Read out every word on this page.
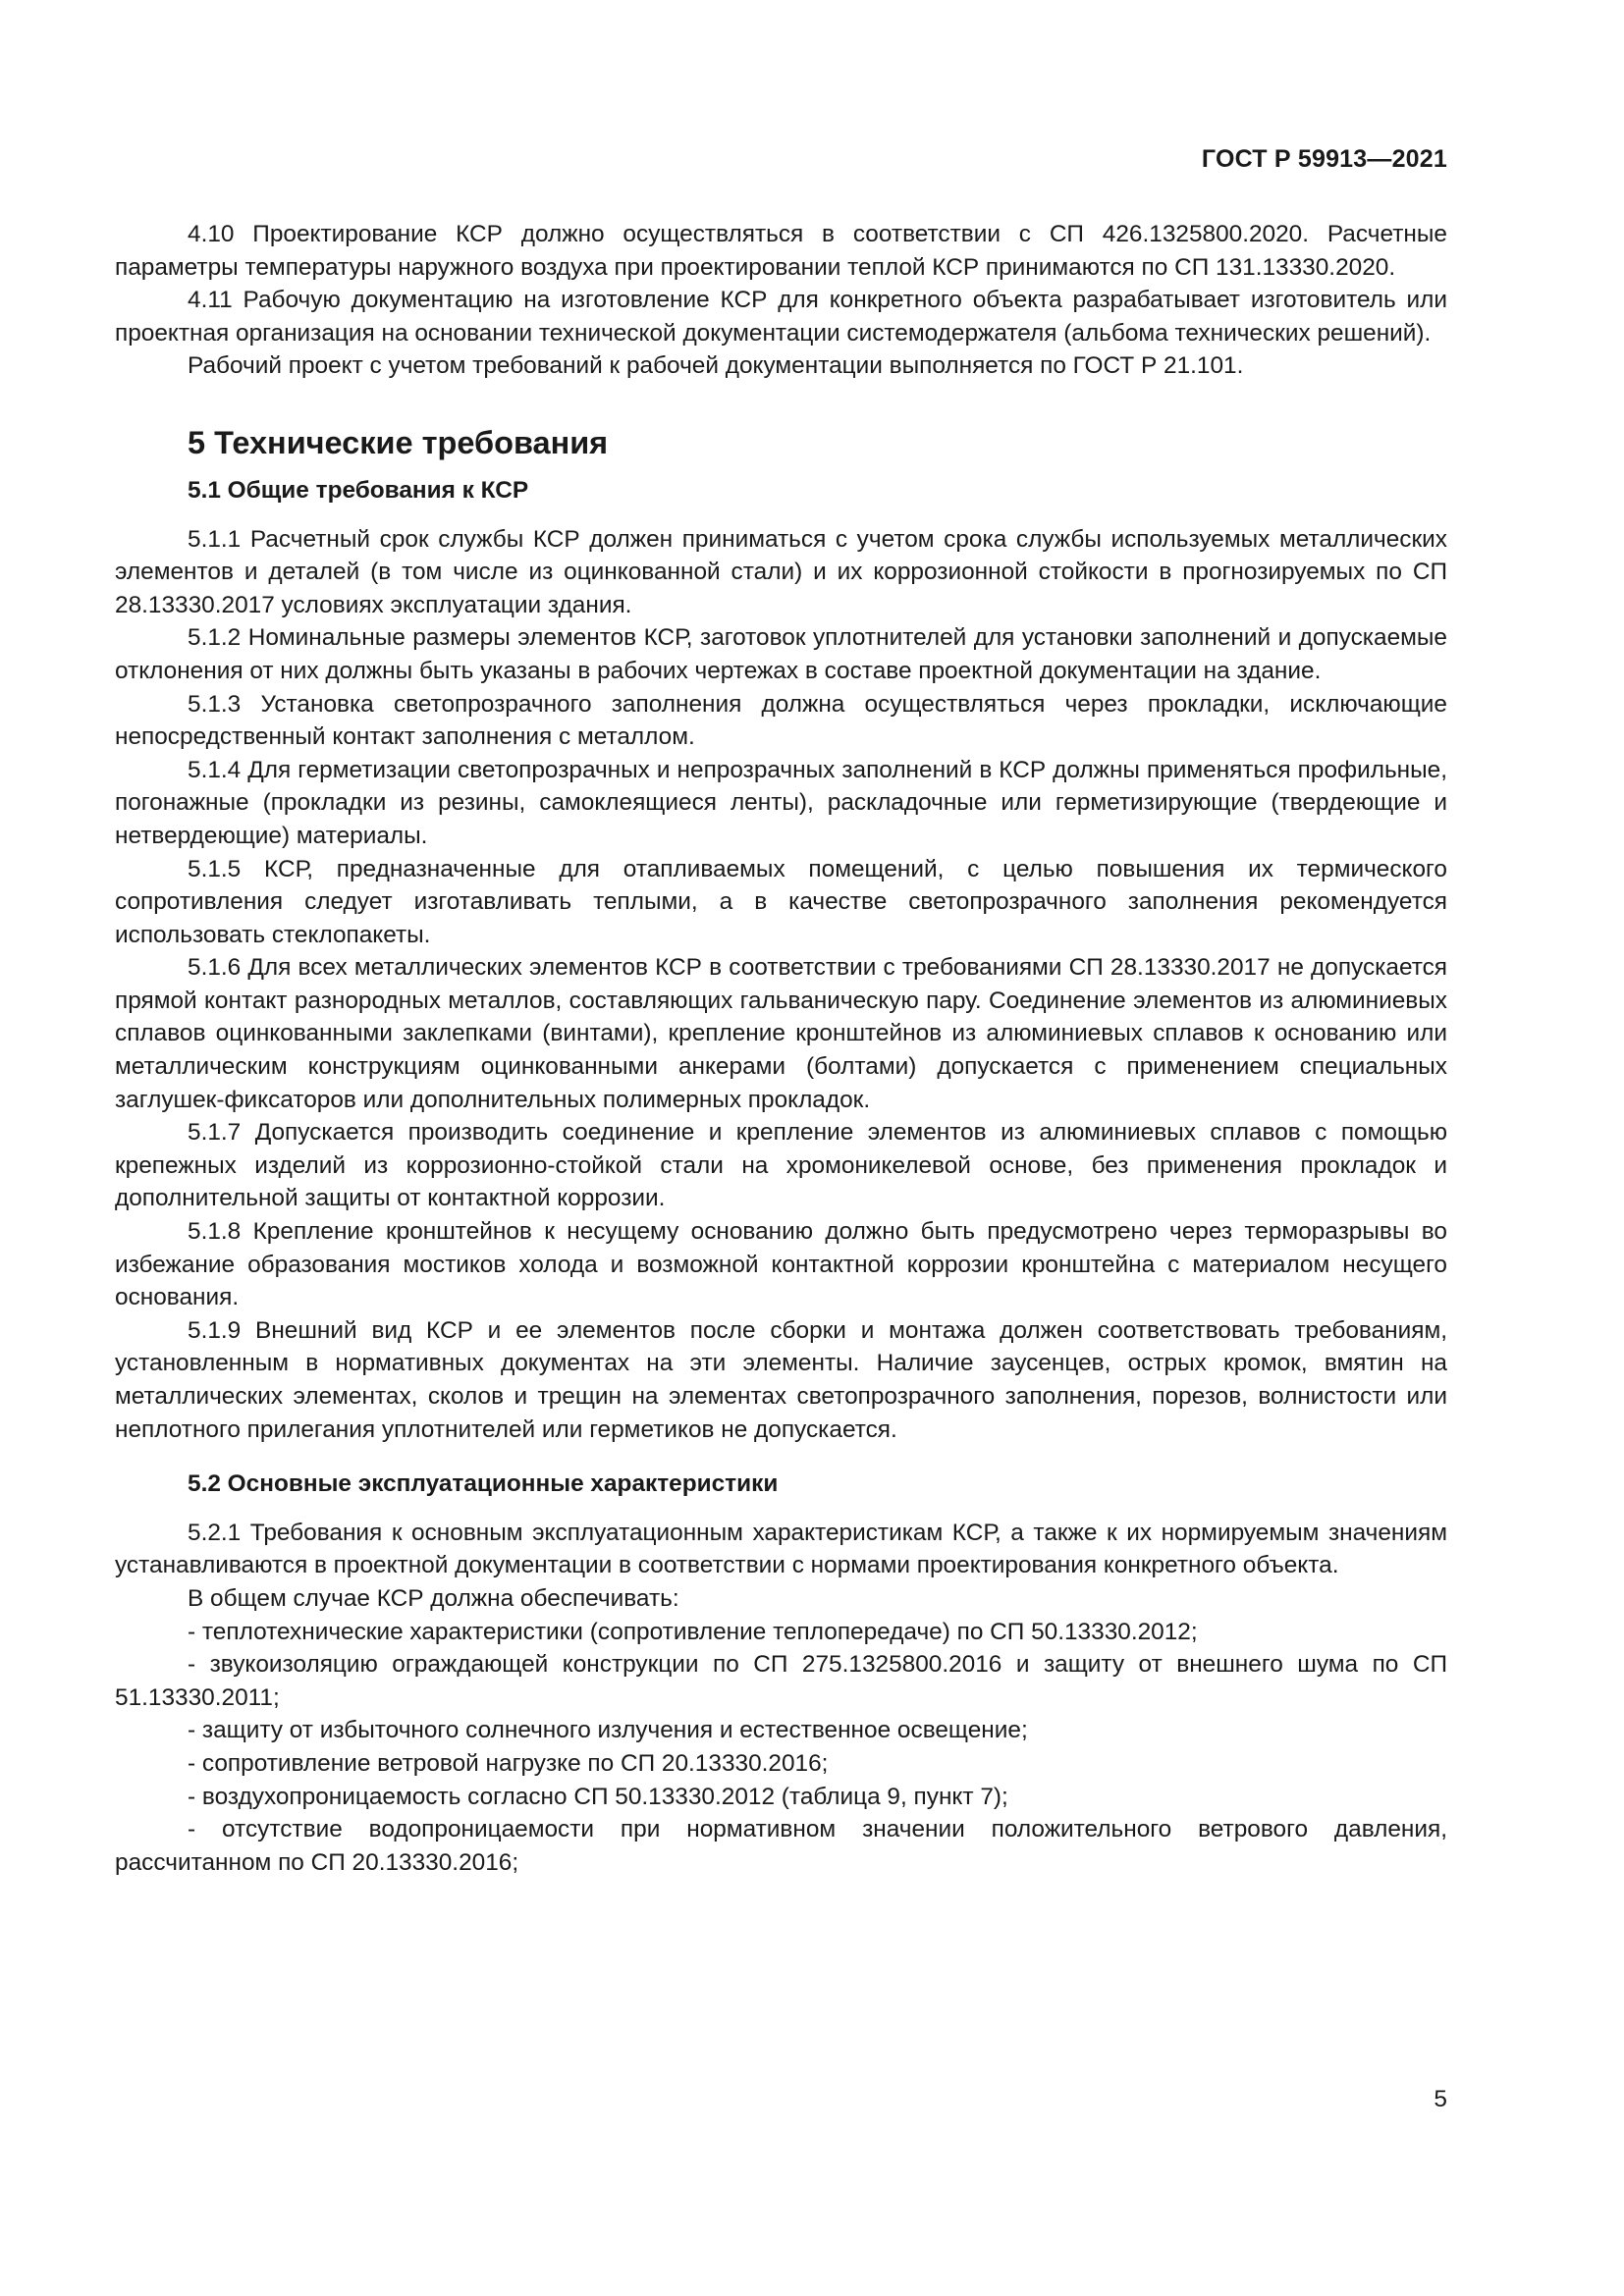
ГОСТ Р 59913—2021

4.10 Проектирование КСР должно осуществляться в соответствии с СП 426.1325800.2020. Расчетные параметры температуры наружного воздуха при проектировании теплой КСР принимаются по СП 131.13330.2020.

4.11 Рабочую документацию на изготовление КСР для конкретного объекта разрабатывает изготовитель или проектная организация на основании технической документации системодержателя (альбома технических решений).

Рабочий проект с учетом требований к рабочей документации выполняется по ГОСТ Р 21.101.

5 Технические требования
5.1 Общие требования к КСР

5.1.1 Расчетный срок службы КСР должен приниматься с учетом срока службы используемых металлических элементов и деталей (в том числе из оцинкованной стали) и их коррозионной стойкости в прогнозируемых по СП 28.13330.2017 условиях эксплуатации здания.

5.1.2 Номинальные размеры элементов КСР, заготовок уплотнителей для установки заполнений и допускаемые отклонения от них должны быть указаны в рабочих чертежах в составе проектной документации на здание.

5.1.3 Установка светопрозрачного заполнения должна осуществляться через прокладки, исключающие непосредственный контакт заполнения с металлом.

5.1.4 Для герметизации светопрозрачных и непрозрачных заполнений в КСР должны применяться профильные, погонажные (прокладки из резины, самоклеящиеся ленты), раскладочные или герметизирующие (твердеющие и нетвердеющие) материалы.

5.1.5 КСР, предназначенные для отапливаемых помещений, с целью повышения их термического сопротивления следует изготавливать теплыми, а в качестве светопрозрачного заполнения рекомендуется использовать стеклопакеты.

5.1.6 Для всех металлических элементов КСР в соответствии с требованиями СП 28.13330.2017 не допускается прямой контакт разнородных металлов, составляющих гальваническую пару. Соединение элементов из алюминиевых сплавов оцинкованными заклепками (винтами), крепление кронштейнов из алюминиевых сплавов к основанию или металлическим конструкциям оцинкованными анкерами (болтами) допускается с применением специальных заглушек-фиксаторов или дополнительных полимерных прокладок.

5.1.7 Допускается производить соединение и крепление элементов из алюминиевых сплавов с помощью крепежных изделий из коррозионно-стойкой стали на хромоникелевой основе, без применения прокладок и дополнительной защиты от контактной коррозии.

5.1.8 Крепление кронштейнов к несущему основанию должно быть предусмотрено через терморазрывы во избежание образования мостиков холода и возможной контактной коррозии кронштейна с материалом несущего основания.

5.1.9 Внешний вид КСР и ее элементов после сборки и монтажа должен соответствовать требованиям, установленным в нормативных документах на эти элементы. Наличие заусенцев, острых кромок, вмятин на металлических элементах, сколов и трещин на элементах светопрозрачного заполнения, порезов, волнистости или неплотного прилегания уплотнителей или герметиков не допускается.

5.2 Основные эксплуатационные характеристики

5.2.1 Требования к основным эксплуатационным характеристикам КСР, а также к их нормируемым значениям устанавливаются в проектной документации в соответствии с нормами проектирования конкретного объекта.

В общем случае КСР должна обеспечивать:

- теплотехнические характеристики (сопротивление теплопередаче) по СП 50.13330.2012;

- звукоизоляцию ограждающей конструкции по СП 275.1325800.2016 и защиту от внешнего шума по СП 51.13330.2011;

- защиту от избыточного солнечного излучения и естественное освещение;

- сопротивление ветровой нагрузке по СП 20.13330.2016;

- воздухопроницаемость согласно СП 50.13330.2012 (таблица 9, пункт 7);

- отсутствие водопроницаемости при нормативном значении положительного ветрового давления, рассчитанном по СП 20.13330.2016;

5
